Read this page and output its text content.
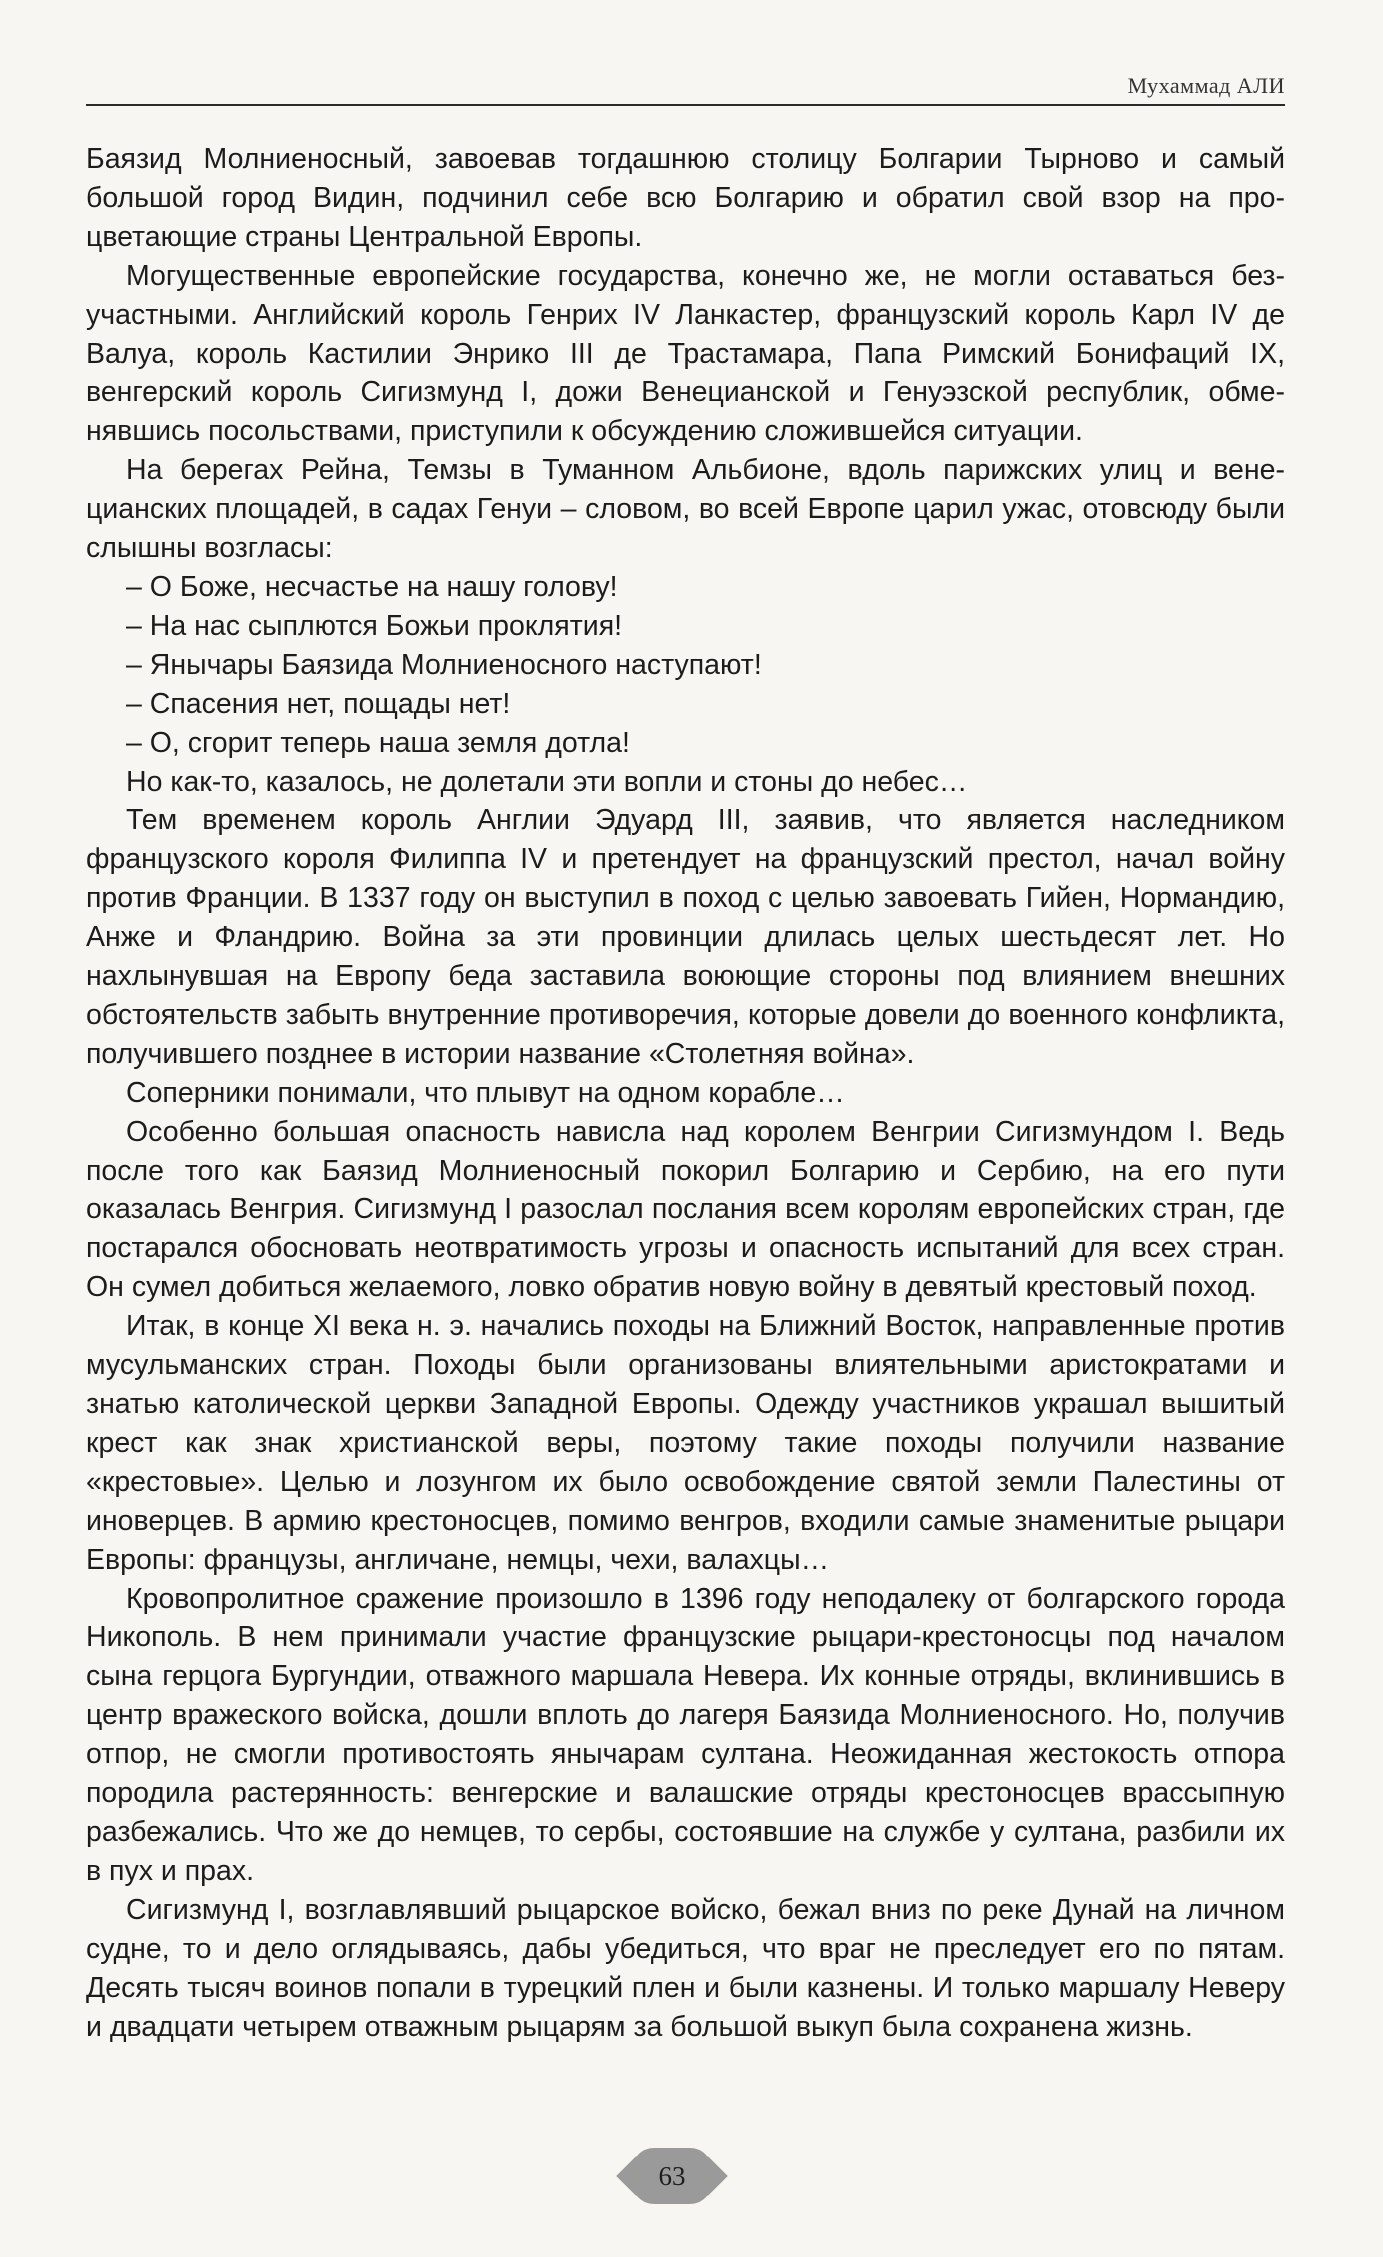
Мухаммад АЛИ

Баязид Молниеносный, завоевав тогдашнюю столицу Болгарии Тырново и самый большой город Видин, подчинил себе всю Болгарию и обратил свой взор на процветающие страны Центральной Европы.

Могущественные европейские государства, конечно же, не могли оставаться безучастными. Английский король Генрих IV Ланкастер, французский король Карл IV де Валуа, король Кастилии Энрико III де Трастамара, Папа Римский Бонифаций IX, венгерский король Сигизмунд I, дожи Венецианской и Генуэзской республик, обменявшись посольствами, приступили к обсуждению сложившейся ситуации.

На берегах Рейна, Темзы в Туманном Альбионе, вдоль парижских улиц и венецианских площадей, в садах Генуи – словом, во всей Европе царил ужас, отовсюду были слышны возгласы:

– О Боже, несчастье на нашу голову!

– На нас сыплются Божьи проклятия!

– Янычары Баязида Молниеносного наступают!

– Спасения нет, пощады нет!

– О, сгорит теперь наша земля дотла!

Но как-то, казалось, не долетали эти вопли и стоны до небес…

Тем временем король Англии Эдуард III, заявив, что является наследником французского короля Филиппа IV и претендует на французский престол, начал войну против Франции. В 1337 году он выступил в поход с целью завоевать Гийен, Нормандию, Анже и Фландрию. Война за эти провинции длилась целых шестьдесят лет. Но нахлынувшая на Европу беда заставила воюющие стороны под влиянием внешних обстоятельств забыть внутренние противоречия, которые довели до военного конфликта, получившего позднее в истории название «Столетняя война».

Соперники понимали, что плывут на одном корабле…

Особенно большая опасность нависла над королем Венгрии Сигизмундом I. Ведь после того как Баязид Молниеносный покорил Болгарию и Сербию, на его пути оказалась Венгрия. Сигизмунд I разослал послания всем королям европейских стран, где постарался обосновать неотвратимость угрозы и опасность испытаний для всех стран. Он сумел добиться желаемого, ловко обратив новую войну в девятый крестовый поход.

Итак, в конце XI века н. э. начались походы на Ближний Восток, направленные против мусульманских стран. Походы были организованы влиятельными аристократами и знатью католической церкви Западной Европы. Одежду участников украшал вышитый крест как знак христианской веры, поэтому такие походы получили название «крестовые». Целью и лозунгом их было освобождение святой земли Палестины от иноверцев. В армию крестоносцев, помимо венгров, входили самые знаменитые рыцари Европы: французы, англичане, немцы, чехи, валахцы…

Кровопролитное сражение произошло в 1396 году неподалеку от болгарского города Никополь. В нем принимали участие французские рыцари-крестоносцы под началом сына герцога Бургундии, отважного маршала Невера. Их конные отряды, вклинившись в центр вражеского войска, дошли вплоть до лагеря Баязида Молниеносного. Но, получив отпор, не смогли противостоять янычарам султана. Неожиданная жестокость отпора породила растерянность: венгерские и валашские отряды крестоносцев врассыпную разбежались. Что же до немцев, то сербы, состоявшие на службе у султана, разбили их в пух и прах.

Сигизмунд I, возглавлявший рыцарское войско, бежал вниз по реке Дунай на личном судне, то и дело оглядываясь, дабы убедиться, что враг не преследует его по пятам. Десять тысяч воинов попали в турецкий плен и были казнены. И только маршалу Неверу и двадцати четырем отважным рыцарям за большой выкуп была сохранена жизнь.

63
